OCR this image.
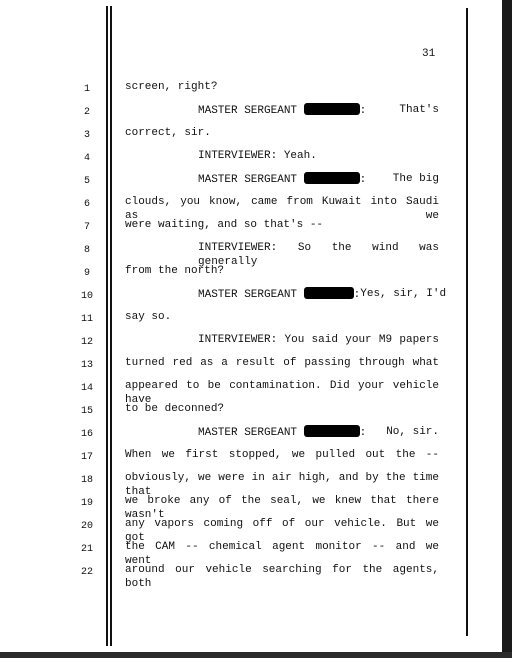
31
1
2
3
4
5
6
7
8
9
10
11
12
13
14
15
16
17
18
19
20
21
22
screen, right?
MASTER SERGEANT	:	That's
correct, sir.
INTERVIEWER: Yeah.
MASTER SERGEANT	: The big
clouds, you know, came from Kuwait into Saudi as we
were waiting, and so that's --
INTERVIEWER: So the wind was generally
from the north?
MASTER SERGEANT	: Yes, sir, I'd
say so.
INTERVIEWER: You said your M9 papers
turned red as a result of passing through what
appeared to be contamination. Did your vehicle have
to be deconned?
MASTER SERGEANT	: No, sir.
When we first stopped, we pulled out the --
obviously, we were in air high, and by the time that
we broke any of the seal, we knew that there wasn't
any vapors coming off of our vehicle. But we got
the CAM -- chemical agent monitor -- and we went
around our vehicle searching for the agents, both
